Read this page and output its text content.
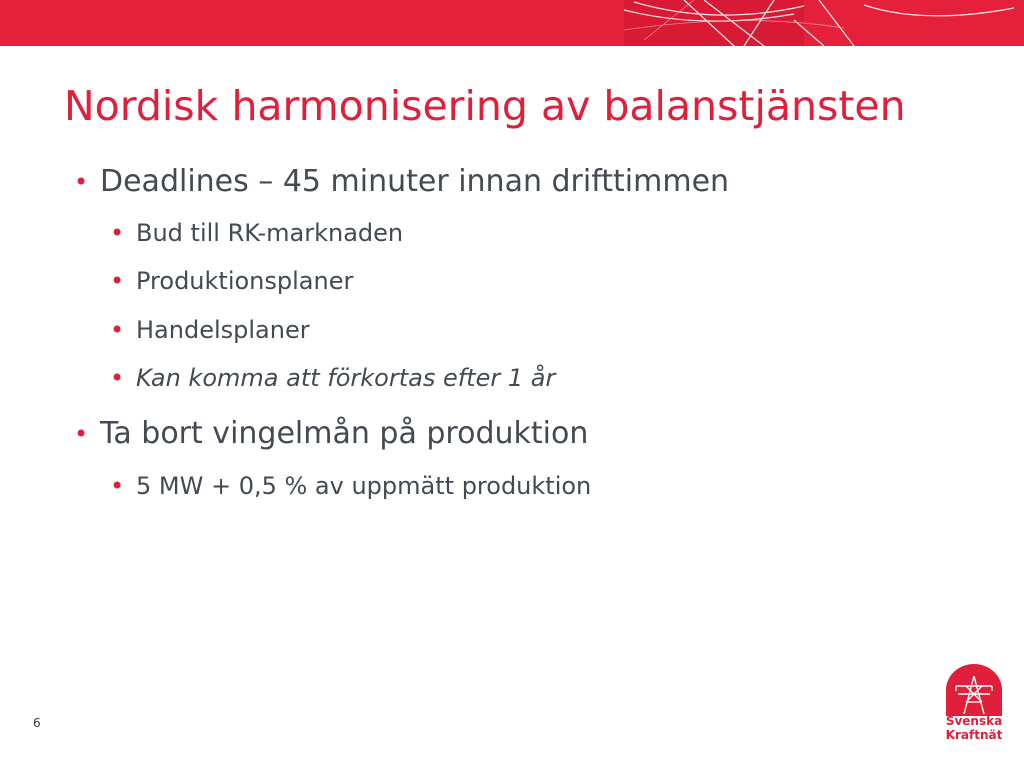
Nordisk harmonisering av balanstjänsten
• Deadlines – 45 minuter innan drifttimmen
• Bud till RK-marknaden
• Produktionsplaner
• Handelsplaner
• Kan komma att förkortas efter 1 år
• Ta bort vingelmån på produktion
• 5 MW + 0,5 % av uppmätt produktion
6	Svenska
Kraftnät
